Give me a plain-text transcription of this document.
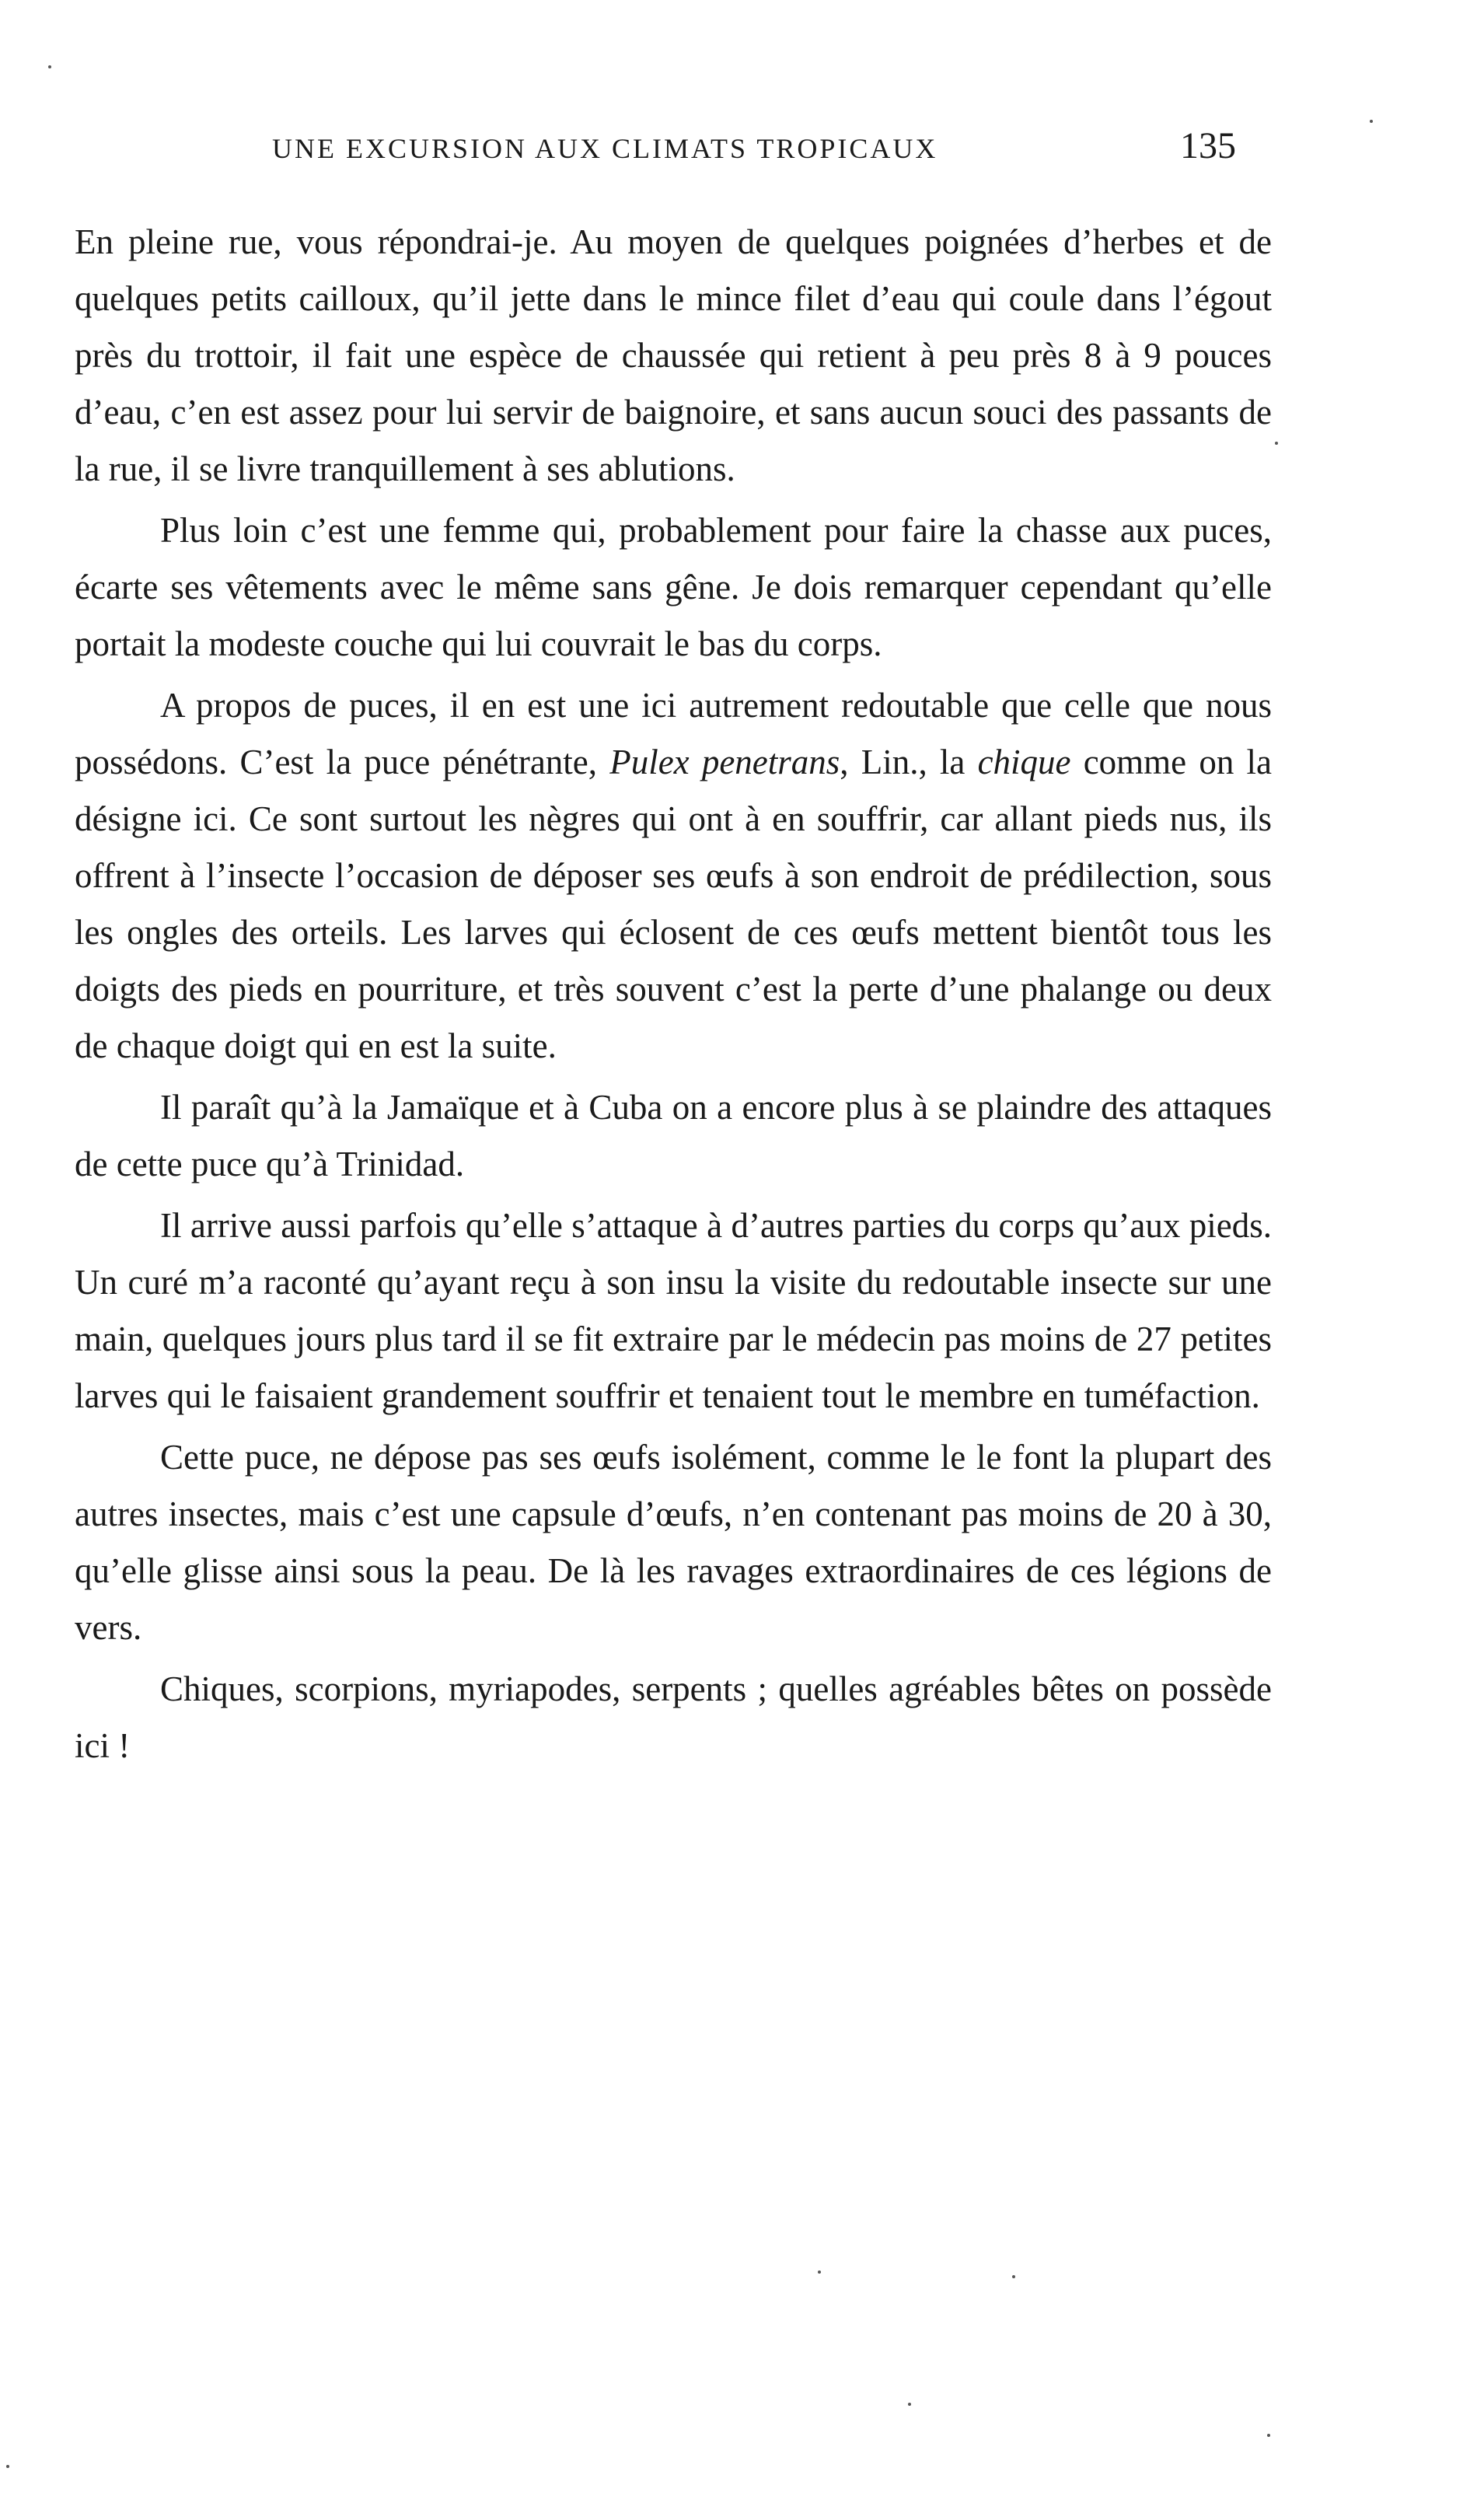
UNE EXCURSION AUX CLIMATS TROPICAUX	135

En pleine rue, vous répondrai-je. Au moyen de quelques poignées d’herbes et de quelques petits cailloux, qu’il jette dans le mince filet d’eau qui coule dans l’égout près du trottoir, il fait une espèce de chaussée qui retient à peu près 8 à 9 pouces d’eau, c’en est assez pour lui servir de baignoire, et sans aucun souci des passants de la rue, il se livre tranquillement à ses ablutions.

Plus loin c’est une femme qui, probablement pour faire la chasse aux puces, écarte ses vêtements avec le même sans gêne. Je dois remarquer cependant qu’elle portait la modeste couche qui lui couvrait le bas du corps.

A propos de puces, il en est une ici autrement redoutable que celle que nous possédons. C’est la puce pénétrante, Pulex penetrans, Lin., la chique comme on la désigne ici. Ce sont surtout les nègres qui ont à en souffrir, car allant pieds nus, ils offrent à l’insecte l’occasion de déposer ses œufs à son endroit de prédilection, sous les ongles des orteils. Les larves qui éclosent de ces œufs mettent bientôt tous les doigts des pieds en pourriture, et très souvent c’est la perte d’une phalange ou deux de chaque doigt qui en est la suite.

Il paraît qu’à la Jamaïque et à Cuba on a encore plus à se plaindre des attaques de cette puce qu’à Trinidad.

Il arrive aussi parfois qu’elle s’attaque à d’autres parties du corps qu’aux pieds. Un curé m’a raconté qu’ayant reçu à son insu la visite du redoutable insecte sur une main, quelques jours plus tard il se fit extraire par le médecin pas moins de 27 petites larves qui le faisaient grandement souffrir et tenaient tout le membre en tuméfaction.

Cette puce, ne dépose pas ses œufs isolément, comme le le font la plupart des autres insectes, mais c’est une capsule d’œufs, n’en contenant pas moins de 20 à 30, qu’elle glisse ainsi sous la peau. De là les ravages extraordinaires de ces légions de vers.

Chiques, scorpions, myriapodes, serpents ; quelles agréables bêtes on possède ici !
